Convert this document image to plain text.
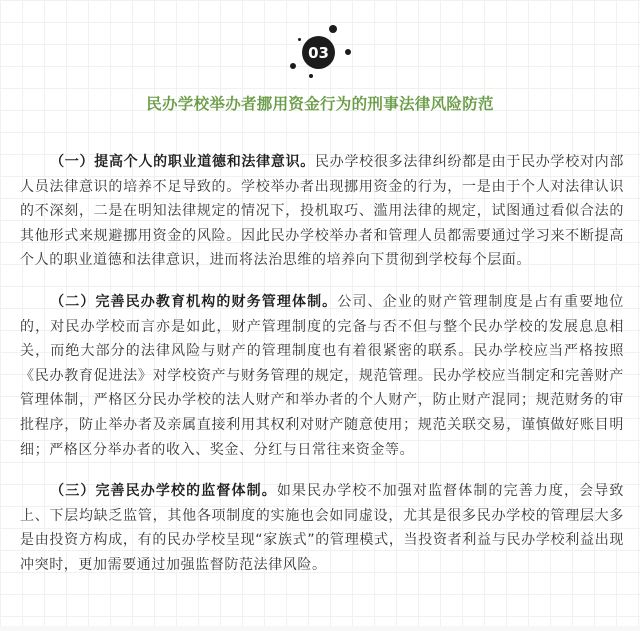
03
民办学校举办者挪用资金行为的刑事法律风险防范

（一）提高个人的职业道德和法律意识。民办学校很多法律纠纷都是由于民办学校对内部人员法律意识的培养不足导致的。学校举办者出现挪用资金的行为，一是由于个人对法律认识的不深刻，二是在明知法律规定的情况下，投机取巧、滥用法律的规定，试图通过看似合法的其他形式来规避挪用资金的风险。因此民办学校举办者和管理人员都需要通过学习来不断提高个人的职业道德和法律意识，进而将法治思维的培养向下贯彻到学校每个层面。

（二）完善民办教育机构的财务管理体制。公司、企业的财产管理制度是占有重要地位的，对民办学校而言亦是如此，财产管理制度的完备与否不但与整个民办学校的发展息息相关，而绝大部分的法律风险与财产的管理制度也有着很紧密的联系。民办学校应当严格按照《民办教育促进法》对学校资产与财务管理的规定，规范管理。民办学校应当制定和完善财产管理体制，严格区分民办学校的法人财产和举办者的个人财产，防止财产混同；规范财务的审批程序，防止举办者及亲属直接利用其权利对财产随意使用；规范关联交易，谨慎做好账目明细；严格区分举办者的收入、奖金、分红与日常往来资金等。

（三）完善民办学校的监督体制。如果民办学校不加强对监督体制的完善力度，会导致上、下层均缺乏监管，其他各项制度的实施也会如同虚设，尤其是很多民办学校的管理层大多是由投资方构成，有的民办学校呈现“家族式”的管理模式，当投资者利益与民办学校利益出现冲突时，更加需要通过加强监督防范法律风险。
